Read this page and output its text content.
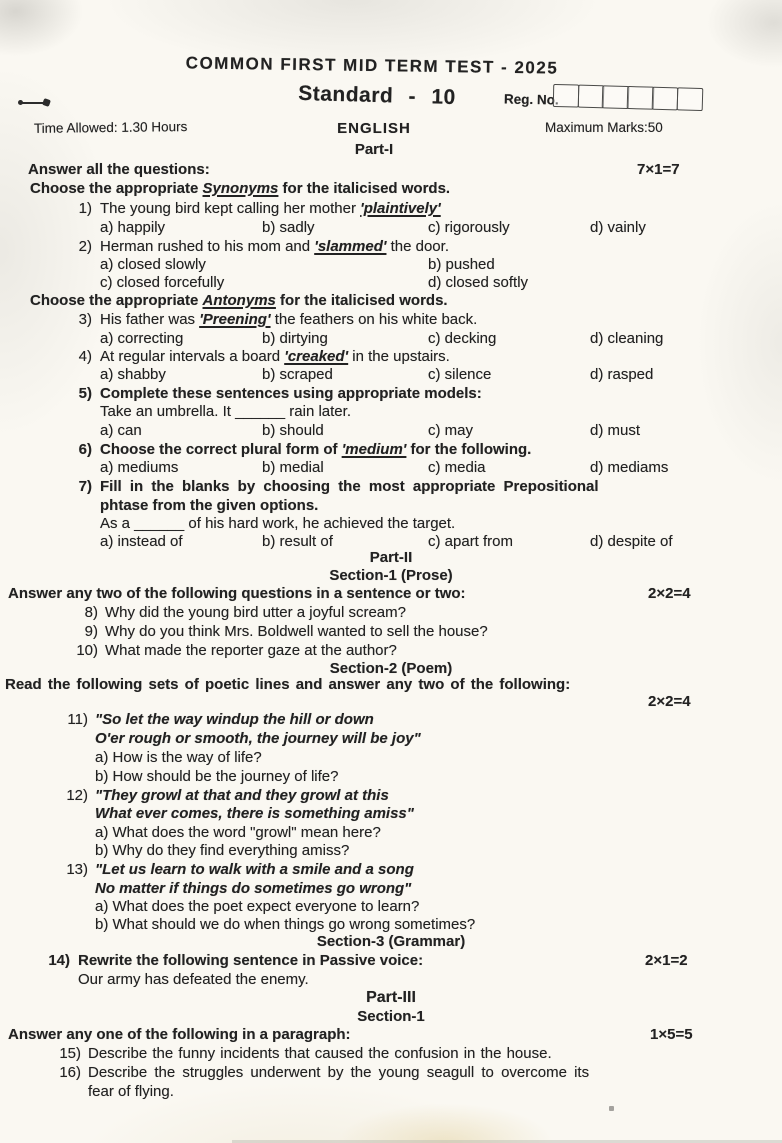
COMMON FIRST MID TERM TEST - 2025
Standard - 10	Reg. No.
Time Allowed: 1.30 Hours	ENGLISH	Maximum Marks:50
Part-I
Answer all the questions:	7×1=7
Choose the appropriate Synonyms for the italicised words.
1) The young bird kept calling her mother 'plaintively'
a) happily	b) sadly	c) rigorously	d) vainly
2) Herman rushed to his mom and 'slammed' the door.
a) closed slowly	b) pushed
c) closed forcefully	d) closed softly
Choose the appropriate Antonyms for the italicised words.
3) His father was 'Preening' the feathers on his white back.
a) correcting	b) dirtying	c) decking	d) cleaning
4) At regular intervals a board 'creaked' in the upstairs.
a) shabby	b) scraped	c) silence	d) rasped
5) Complete these sentences using appropriate models:
Take an umbrella. It ______ rain later.
a) can	b) should	c) may	d) must
6) Choose the correct plural form of 'medium' for the following.
a) mediums	b) medial	c) media	d) mediams
7) Fill in the blanks by choosing the most appropriate Prepositional
phtase from the given options.
As a ______ of his hard work, he achieved the target.
a) instead of	b) result of	c) apart from	d) despite of
Part-II
Section-1 (Prose)
Answer any two of the following questions in a sentence or two:	2×2=4
8) Why did the young bird utter a joyful scream?
9) Why do you think Mrs. Boldwell wanted to sell the house?
10) What made the reporter gaze at the author?
Section-2 (Poem)
Read the following sets of poetic lines and answer any two of the following:
2×2=4
11) "So let the way windup the hill or down
O'er rough or smooth, the journey will be joy"
a) How is the way of life?
b) How should be the journey of life?
12) "They growl at that and they growl at this
What ever comes, there is something amiss"
a) What does the word "growl" mean here?
b) Why do they find everything amiss?
13) "Let us learn to walk with a smile and a song
No matter if things do sometimes go wrong"
a) What does the poet expect everyone to learn?
b) What should we do when things go wrong sometimes?
Section-3 (Grammar)
14) Rewrite the following sentence in Passive voice:	2×1=2
Our army has defeated the enemy.
Part-III
Section-1
Answer any one of the following in a paragraph:	1×5=5
15) Describe the funny incidents that caused the confusion in the house.
16) Describe the struggles underwent by the young seagull to overcome its
fear of flying.
